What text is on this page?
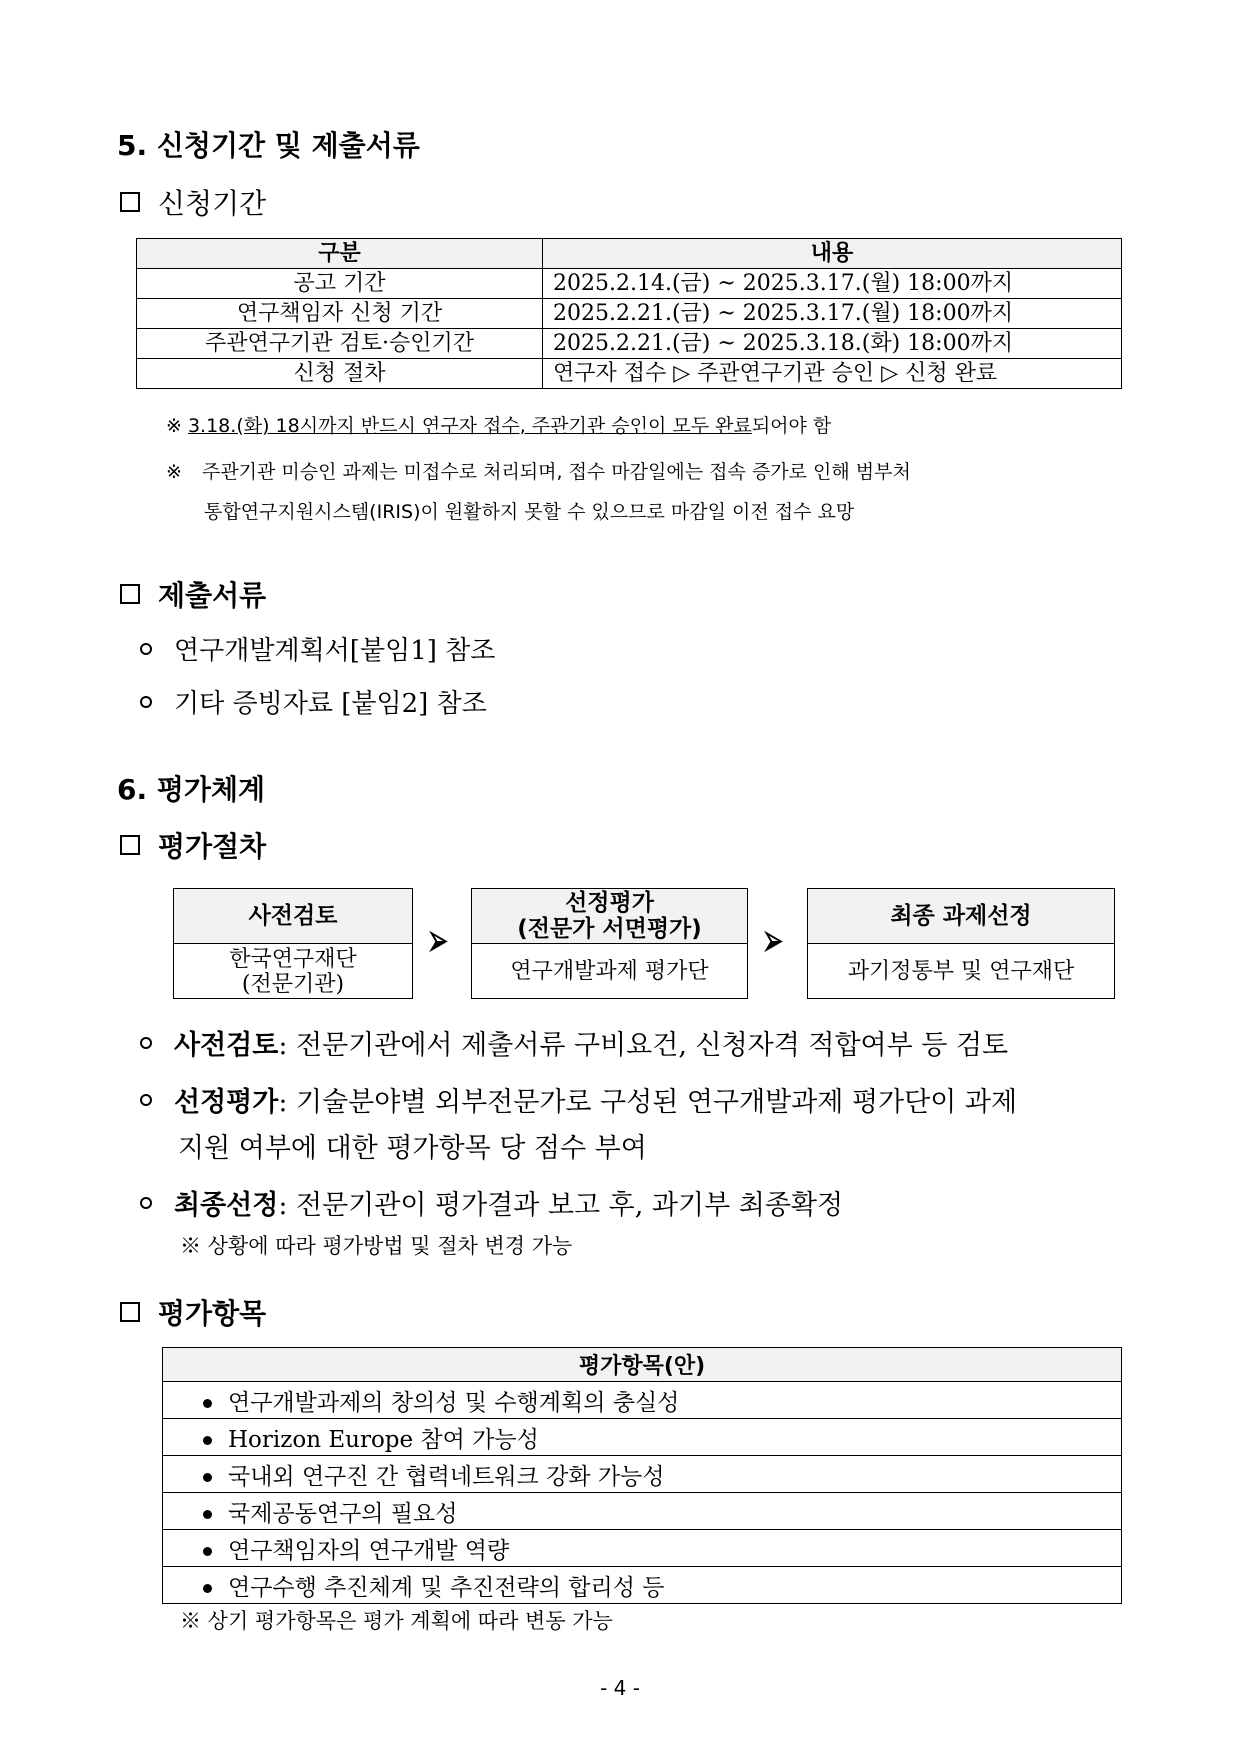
5. 신청기간 및 제출서류
신청기간
구분	내용
공고 기간	2025.2.14.(금) ~ 2025.3.17.(월) 18:00까지
연구책임자 신청 기간	2025.2.21.(금) ~ 2025.3.17.(월) 18:00까지
주관연구기관 검토·승인기간	2025.2.21.(금) ~ 2025.3.18.(화) 18:00까지
신청 절차	연구자 접수 ▷ 주관연구기관 승인 ▷ 신청 완료
※ 3.18.(화) 18시까지 반드시 연구자 접수, 주관기관 승인이 모두 완료되어야 함
※ 주관기관 미승인 과제는 미접수로 처리되며, 접수 마감일에는 접속 증가로 인해 범부처
통합연구지원시스템(IRIS)이 원활하지 못할 수 있으므로 마감일 이전 접수 요망
제출서류
연구개발계획서[붙임1] 참조
기타 증빙자료 [붙임2] 참조
6. 평가체계
평가절차
사전검토
한국연구재단
(전문기관)
⮚
선정평가
(전문가 서면평가)
연구개발과제 평가단
⮚
최종 과제선정
과기정통부 및 연구재단
사전검토 : 전문기관에서 제출서류 구비요건, 신청자격 적합여부 등 검토
선정평가 : 기술분야별 외부전문가로 구성된 연구개발과제 평가단이 과제
지원 여부에 대한 평가항목 당 점수 부여
최종선정 : 전문기관이 평가결과 보고 후, 과기부 최종확정
※ 상황에 따라 평가방법 및 절차 변경 가능
평가항목
평가항목(안)
연구개발과제의 창의성 및 수행계획의 충실성
Horizon Europe 참여 가능성
국내외 연구진 간 협력네트워크 강화 가능성
국제공동연구의 필요성
연구책임자의 연구개발 역량
연구수행 추진체계 및 추진전략의 합리성 등
※ 상기 평가항목은 평가 계획에 따라 변동 가능
- 4 -
